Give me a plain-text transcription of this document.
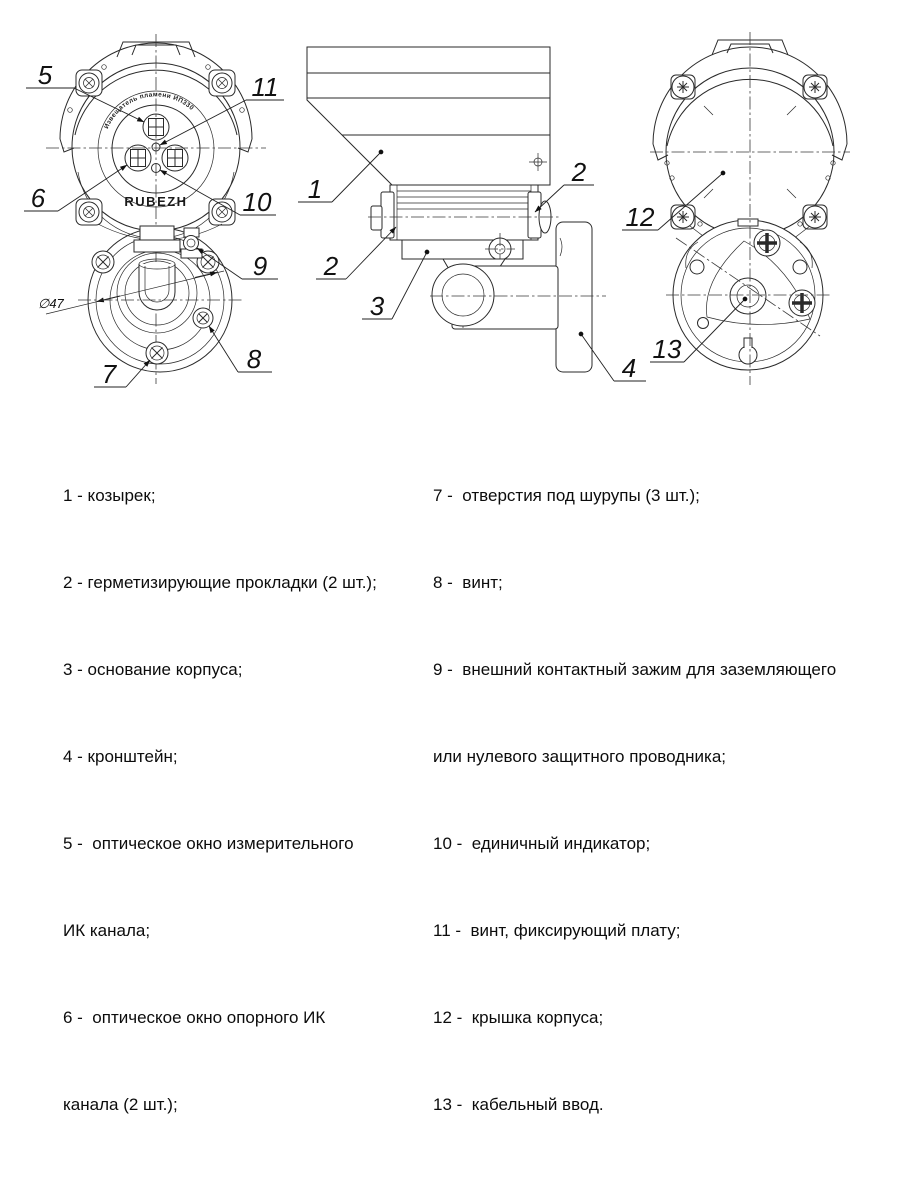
Извещатель пламени ИП330
RUBEZH
∅47
5	11
6	10
9
8
7
1
2
2
3
4
12
13

1 - козырек;

2 - герметизирующие прокладки (2 шт.);

3 - основание корпуса;

4 - кронштейн;

5 -  оптическое окно измерительного

ИК канала;

6 -  оптическое окно опорного ИК

канала (2 шт.);

7 -  отверстия под шурупы (3 шт.);

8 -  винт;

9 -  внешний контактный зажим для заземляющего

или нулевого защитного проводника;

10 -  единичный индикатор;

11 -  винт, фиксирующий плату;

12 -  крышка корпуса;

13 -  кабельный ввод.
